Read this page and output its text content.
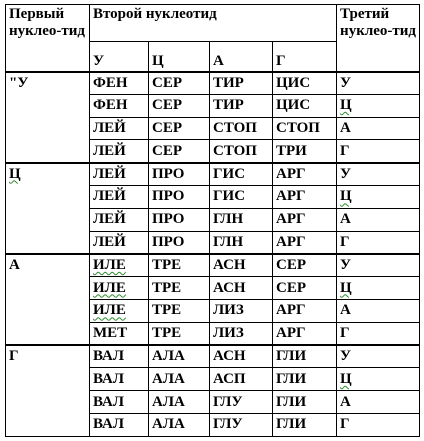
Первый нуклео-тид	Второй нуклеотид				Третий нуклео-тид
	У	Ц	А	Г	
"У	ФЕН	СЕР	ТИР	ЦИС	У
	ФЕН	СЕР	ТИР	ЦИС	Ц
	ЛЕЙ	СЕР	СТОП	СТОП	А
	ЛЕЙ	СЕР	СТОП	ТРИ	Г
Ц	ЛЕЙ	ПРО	ГИС	АРГ	У
	ЛЕЙ	ПРО	ГИС	АРГ	Ц
	ЛЕЙ	ПРО	ГЛН	АРГ	А
	ЛЕЙ	ПРО	ГЛН	АРГ	Г
А	ИЛЕ	ТРЕ	АСН	СЕР	У
	ИЛЕ	ТРЕ	АСН	СЕР	Ц
	ИЛЕ	ТРЕ	ЛИЗ	АРГ	А
	МЕТ	ТРЕ	ЛИЗ	АРГ	Г
Г	ВАЛ	АЛА	АСН	ГЛИ	У
	ВАЛ	АЛА	АСП	ГЛИ	Ц
	ВАЛ	АЛА	ГЛУ	ГЛИ	А
	ВАЛ	АЛА	ГЛУ	ГЛИ	Г
